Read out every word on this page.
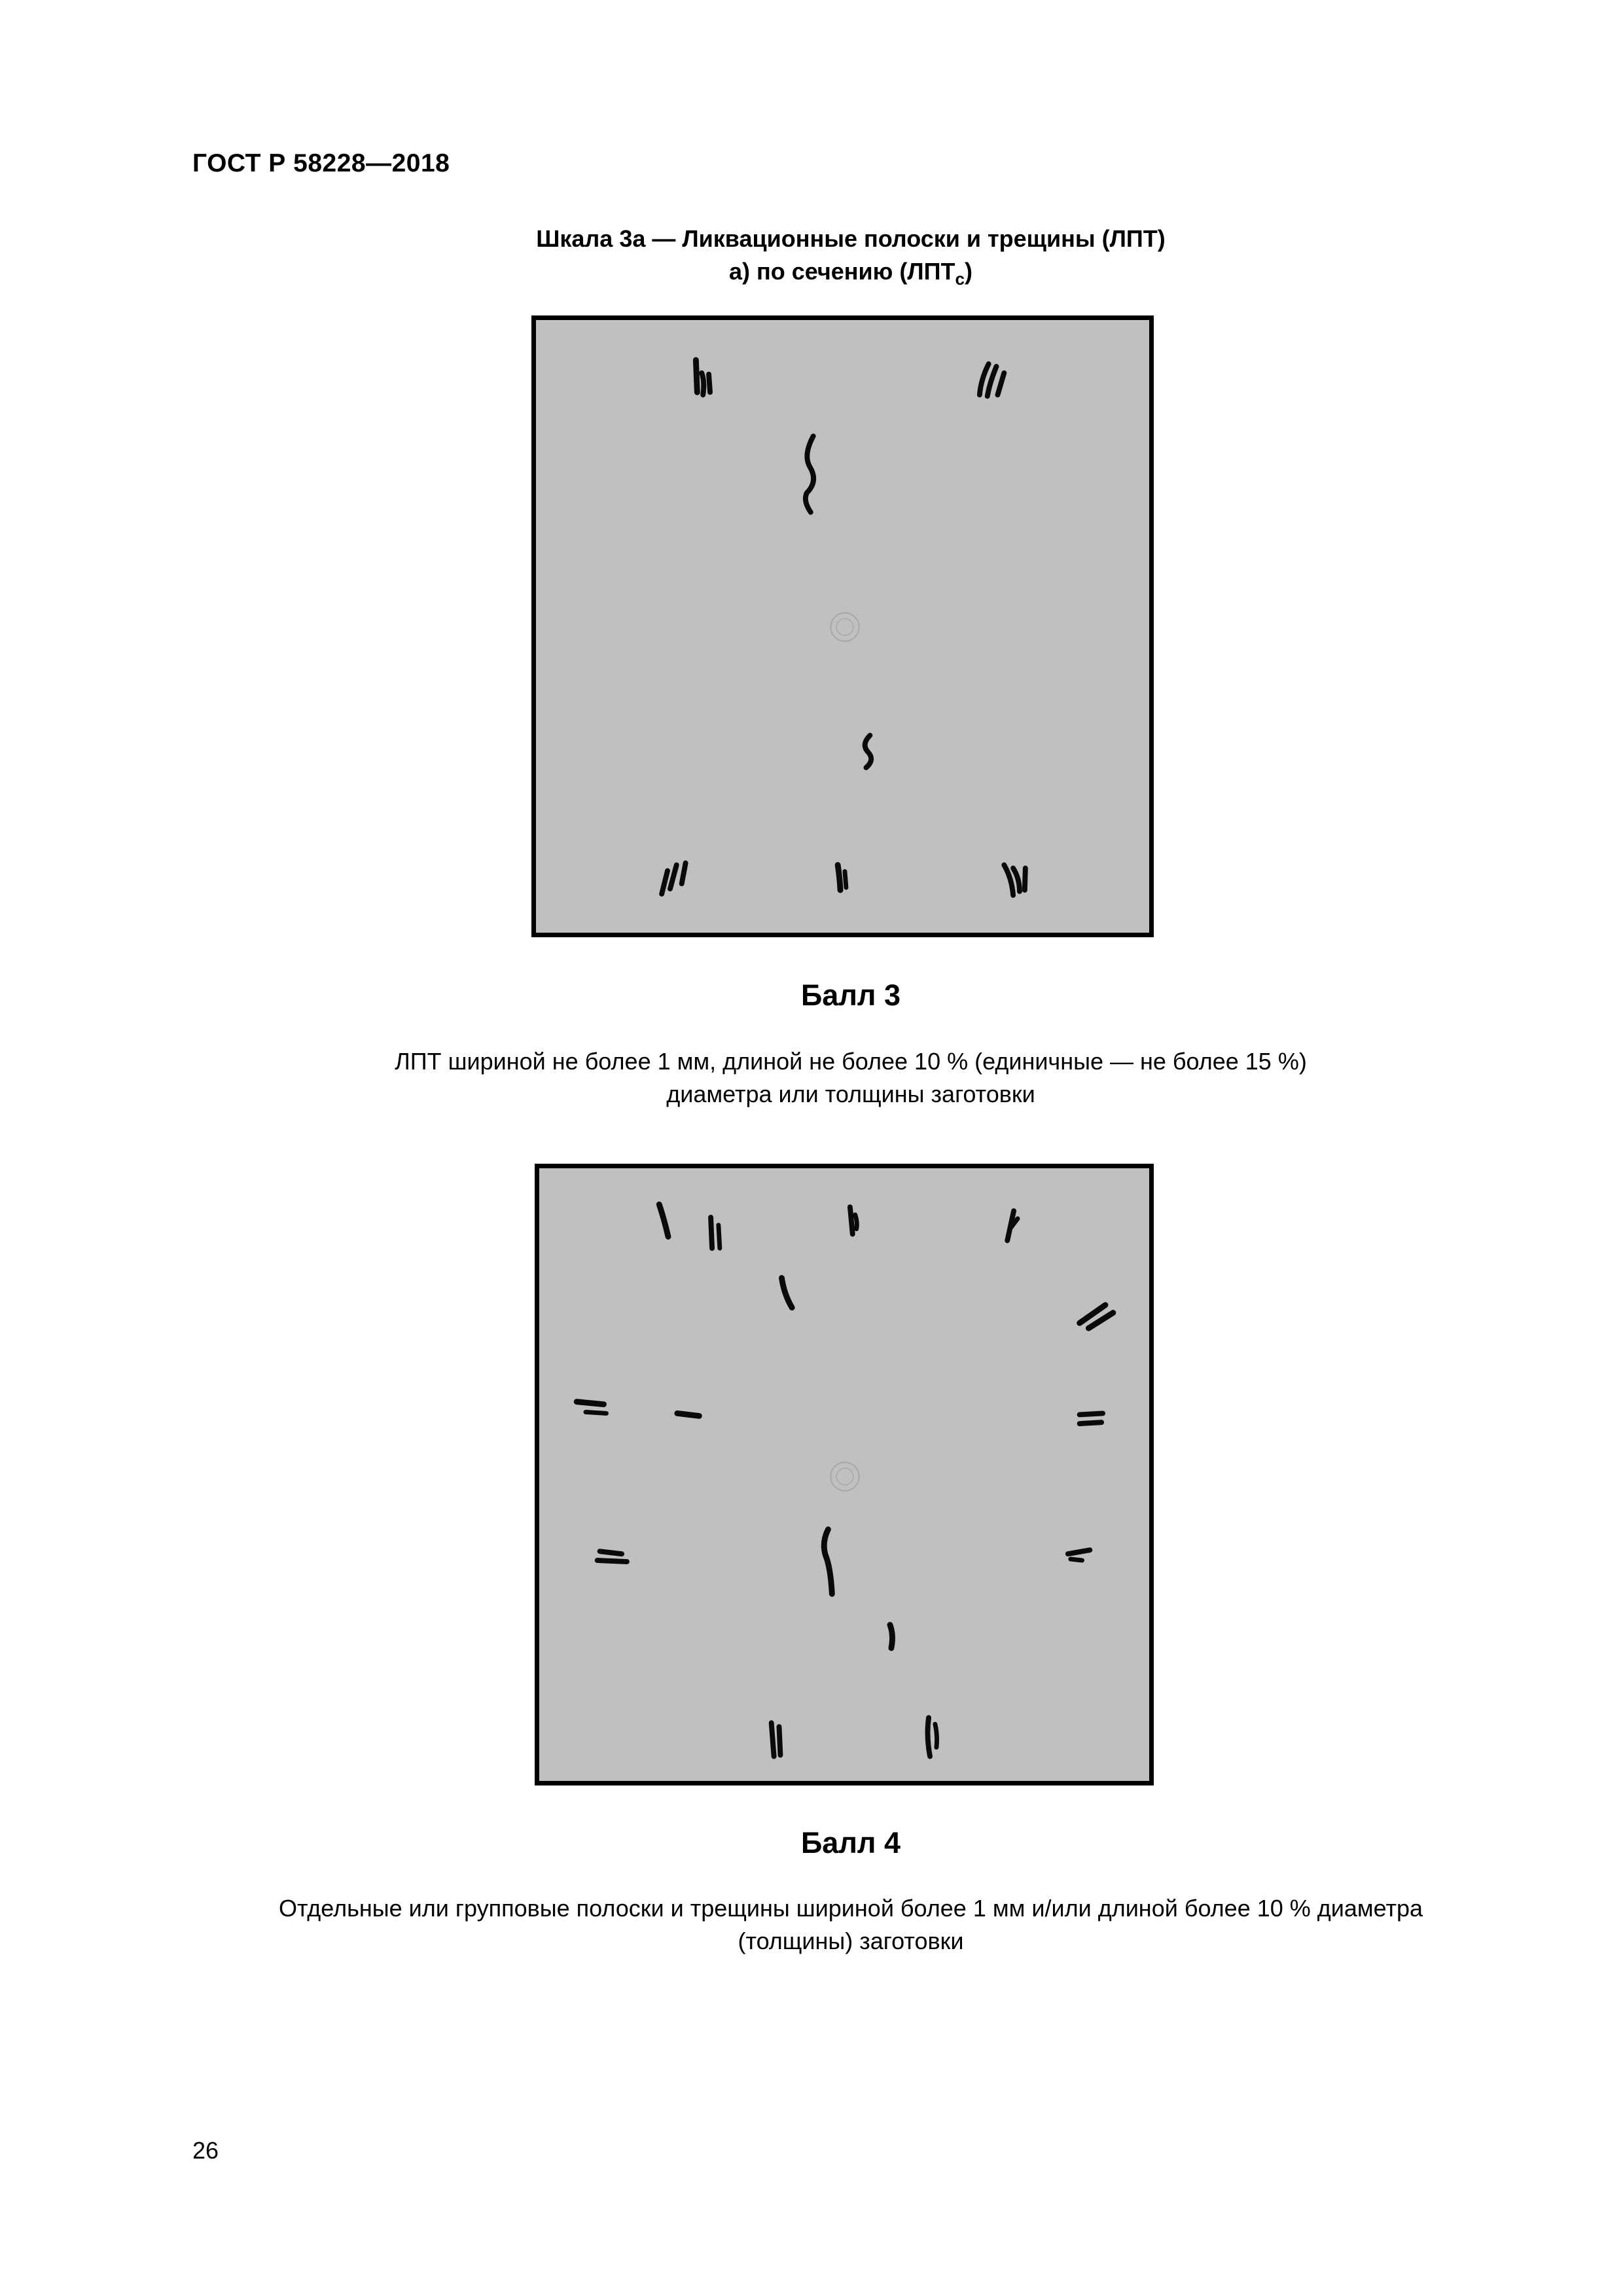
ГОСТ Р 58228—2018
Шкала 3а — Ликвационные полоски и трещины (ЛПТ)
а) по сечению $(ЛПТ_с)$
Балл 3
ЛПТ шириной не более 1 мм, длиной не более 10 % (единичные — не более 15 %)
диаметра или толщины заготовки
Балл 4
Отдельные или групповые полоски и трещины шириной более 1 мм и/или длиной более 10 % диаметра
(толщины) заготовки
26
